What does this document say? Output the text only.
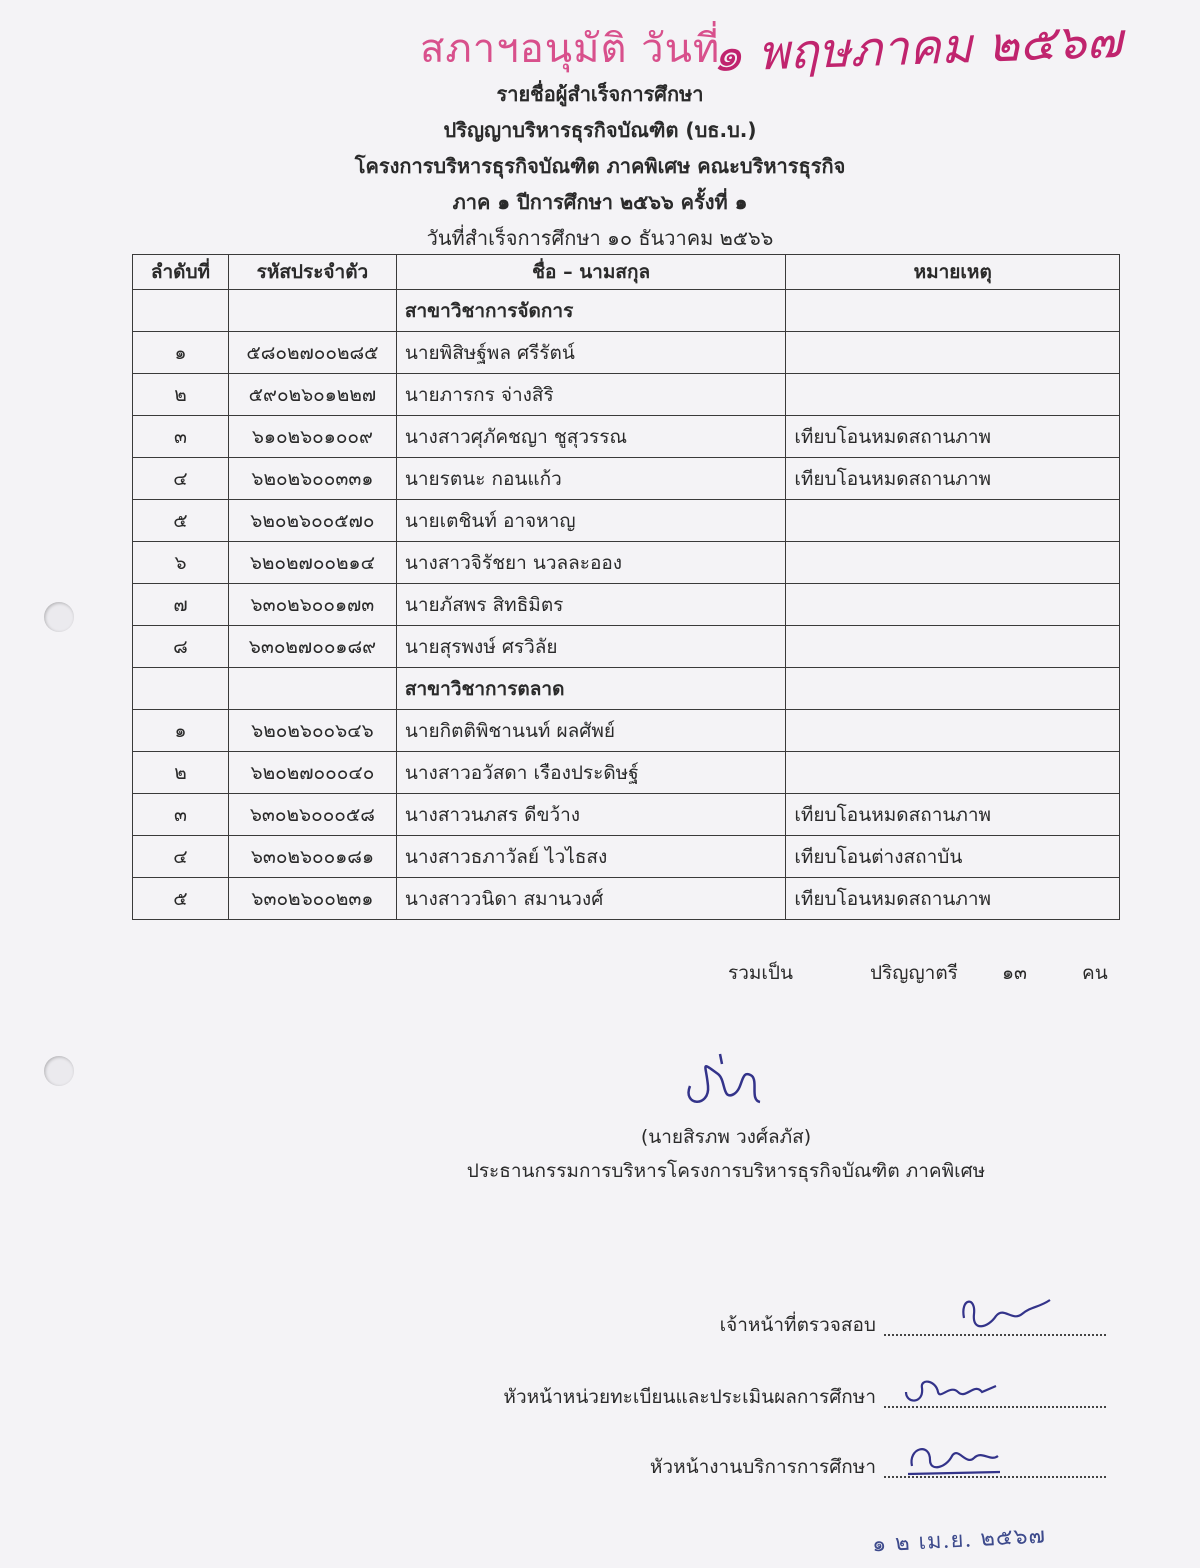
สภาฯอนุมัติ วันที่
๑ พฤษภาคม ๒๕๖๗
รายชื่อผู้สำเร็จการศึกษา
ปริญญาบริหารธุรกิจบัณฑิต (บธ.บ.)
โครงการบริหารธุรกิจบัณฑิต ภาคพิเศษ คณะบริหารธุรกิจ
ภาค ๑ ปีการศึกษา ๒๕๖๖ ครั้งที่ ๑
วันที่สำเร็จการศึกษา ๑๐ ธันวาคม ๒๕๖๖
ลำดับที่	รหัสประจำตัว	ชื่อ – นามสกุล	หมายเหตุ
		สาขาวิชาการจัดการ	
๑	๕๘๐๒๗๐๐๒๘๕	นายพิสิษฐ์พล ศรีรัตน์	
๒	๕๙๐๒๖๐๑๒๒๗	นายภารกร จ่างสิริ	
๓	๖๑๐๒๖๐๑๐๐๙	นางสาวศุภัคชญา ชูสุวรรณ	เทียบโอนหมดสถานภาพ
๔	๖๒๐๒๖๐๐๓๓๑	นายรตนะ กอนแก้ว	เทียบโอนหมดสถานภาพ
๕	๖๒๐๒๖๐๐๕๗๐	นายเตชินท์ อาจหาญ	
๖	๖๒๐๒๗๐๐๒๑๔	นางสาวจิรัชยา นวลละออง	
๗	๖๓๐๒๖๐๐๑๗๓	นายภัสพร สิทธิมิตร	
๘	๖๓๐๒๗๐๐๑๘๙	นายสุรพงษ์ ศรวิลัย	
		สาขาวิชาการตลาด	
๑	๖๒๐๒๖๐๐๖๔๖	นายกิตติพิชานนท์ ผลศัพย์	
๒	๖๒๐๒๗๐๐๐๔๐	นางสาวอวัสดา เรืองประดิษฐ์	
๓	๖๓๐๒๖๐๐๐๕๘	นางสาวนภสร ดีขว้าง	เทียบโอนหมดสถานภาพ
๔	๖๓๐๒๖๐๐๑๘๑	นางสาวธภาวัลย์ ไวไธสง	เทียบโอนต่างสถาบัน
๕	๖๓๐๒๖๐๐๒๓๑	นางสาววนิดา สมานวงศ์	เทียบโอนหมดสถานภาพ
รวมเป็น	ปริญญาตรี ๑๓	คน
(นายสิรภพ วงศ์ลภัส)
ประธานกรรมการบริหารโครงการบริหารธุรกิจบัณฑิต ภาคพิเศษ
เจ้าหน้าที่ตรวจสอบ
หัวหน้าหน่วยทะเบียนและประเมินผลการศึกษา
หัวหน้างานบริการการศึกษา
๑ ๒ เม.ย. ๒๕๖๗
